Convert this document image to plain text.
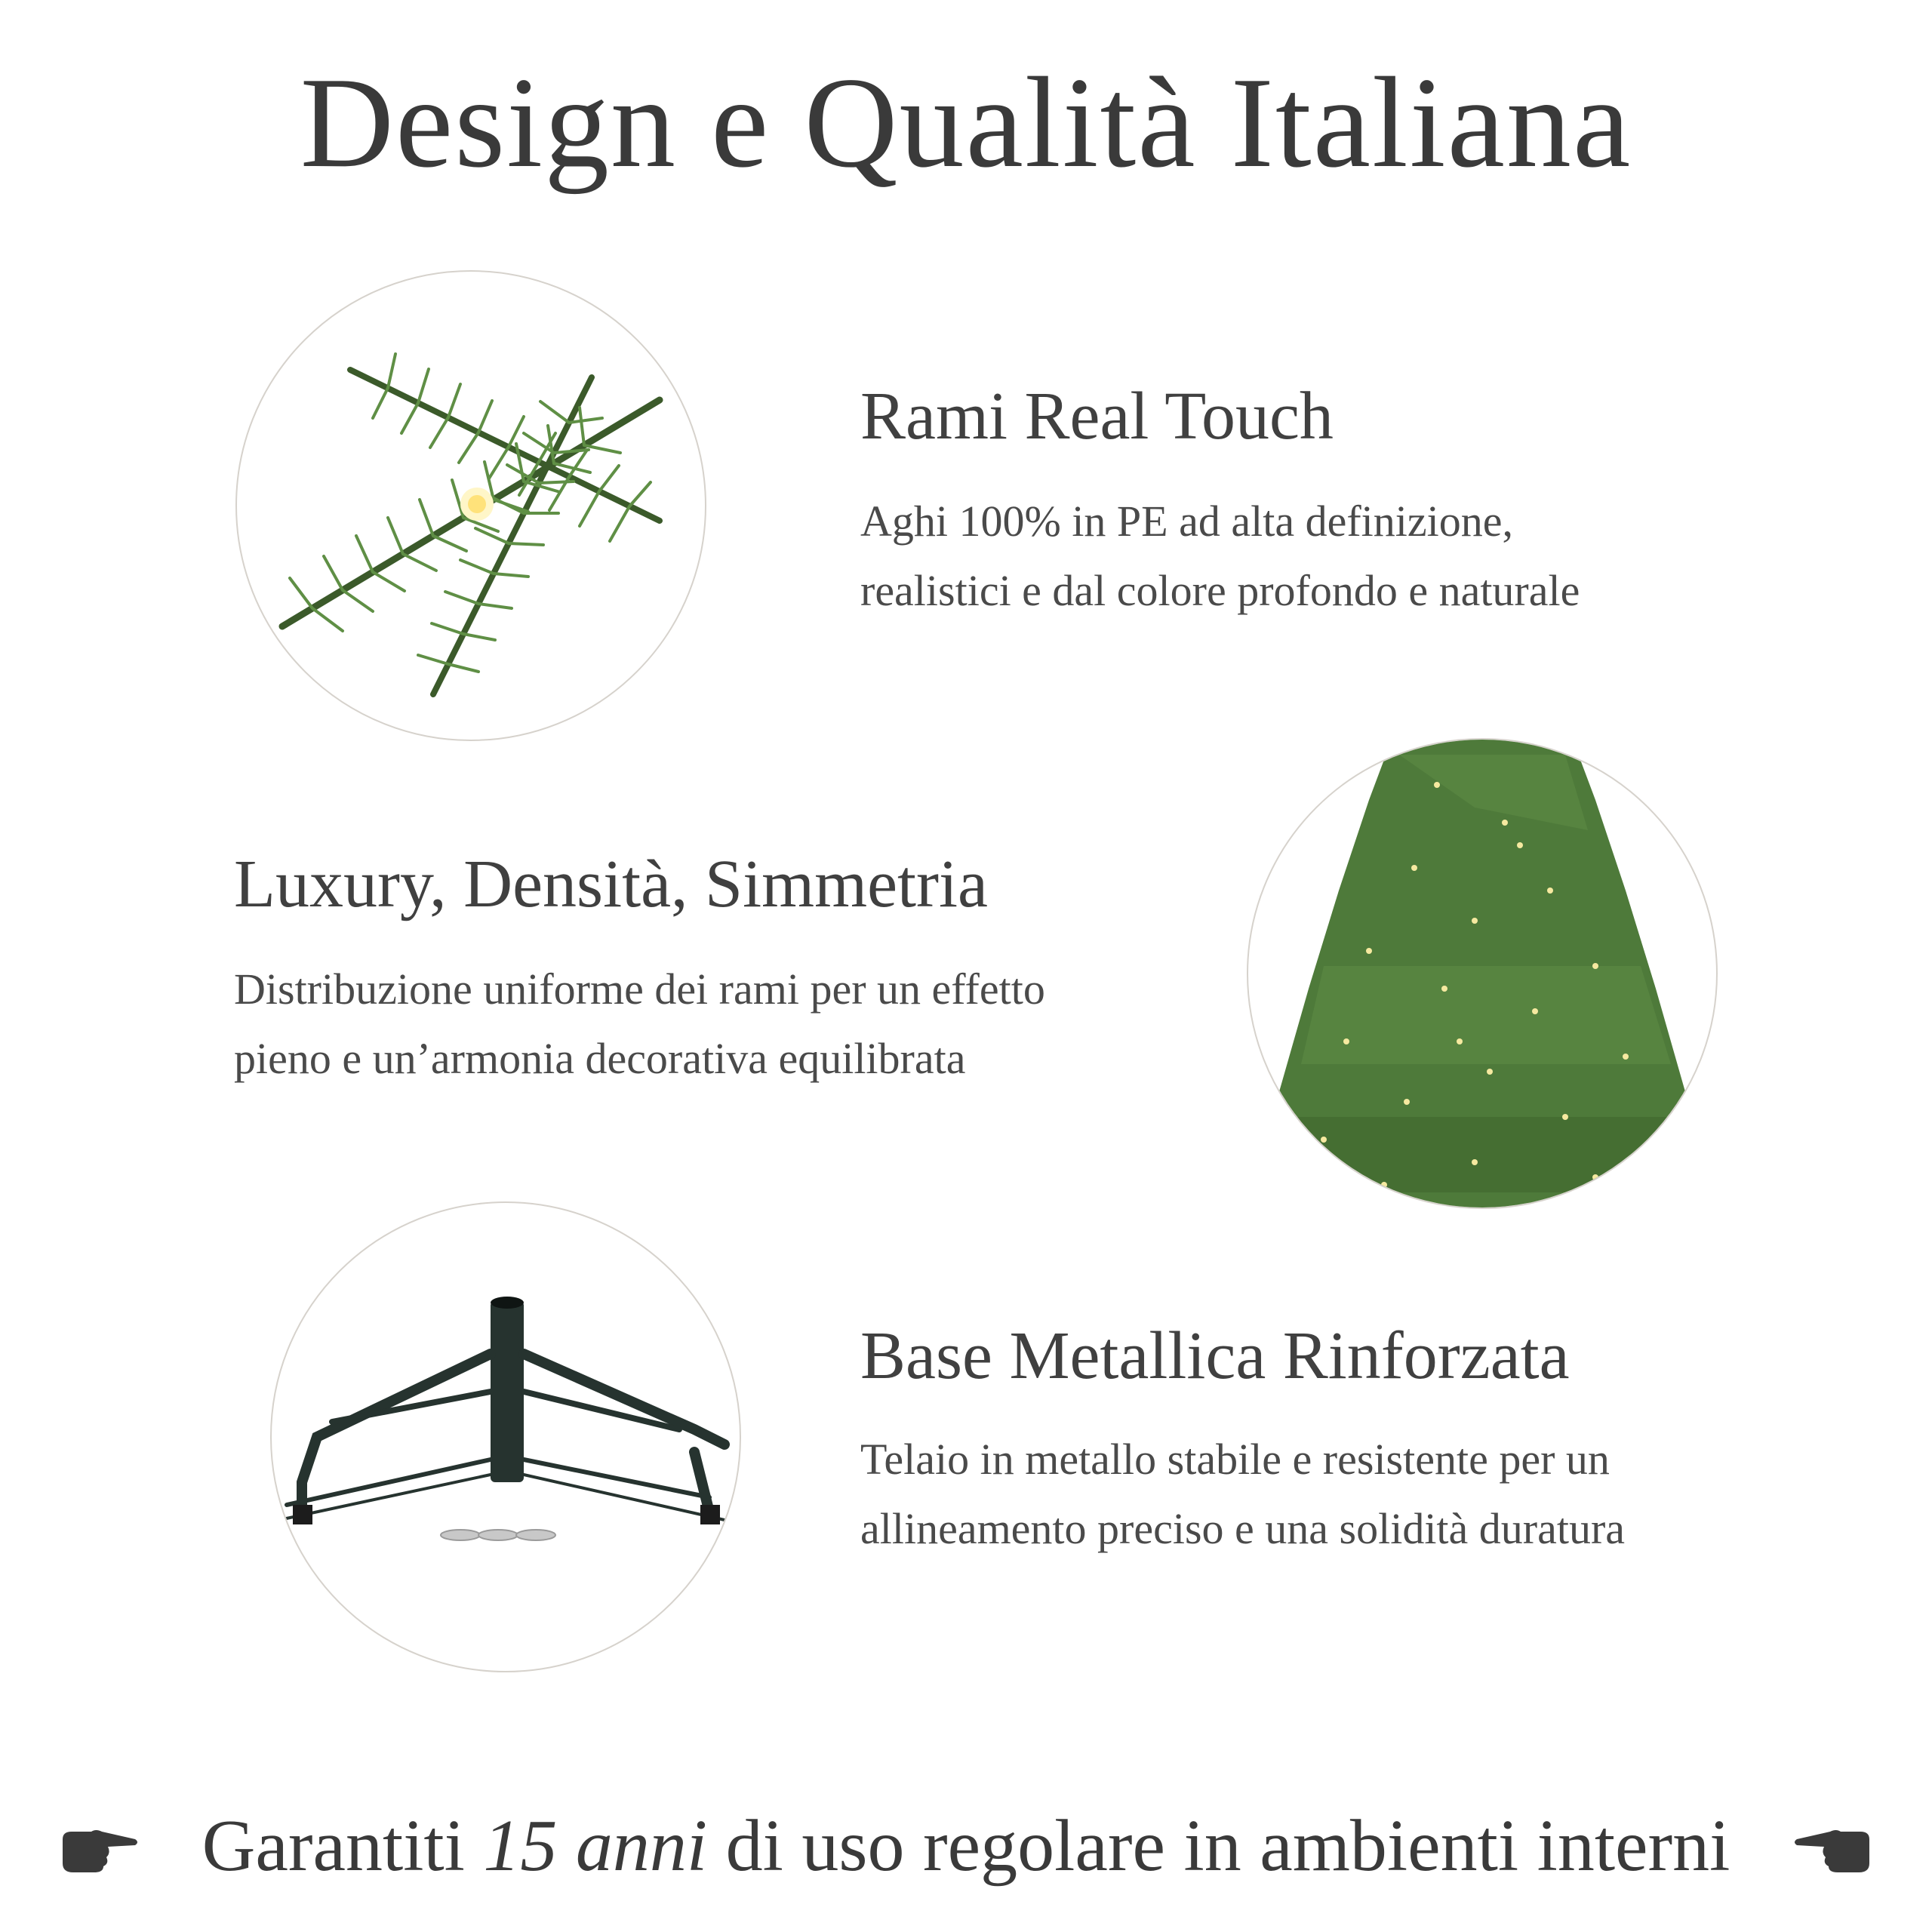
Design e Qualità Italiana
Rami Real Touch
Aghi 100% in PE ad alta definizione,
realistici e dal colore profondo e naturale
Luxury, Densità, Simmetria
Distribuzione uniforme dei rami per un effetto
pieno e un’armonia decorativa equilibrata
Base Metallica Rinforzata
Telaio in metallo stabile e resistente per un
allineamento preciso e una solidità duratura
Garantiti 15 anni di uso regolare in ambienti interni
